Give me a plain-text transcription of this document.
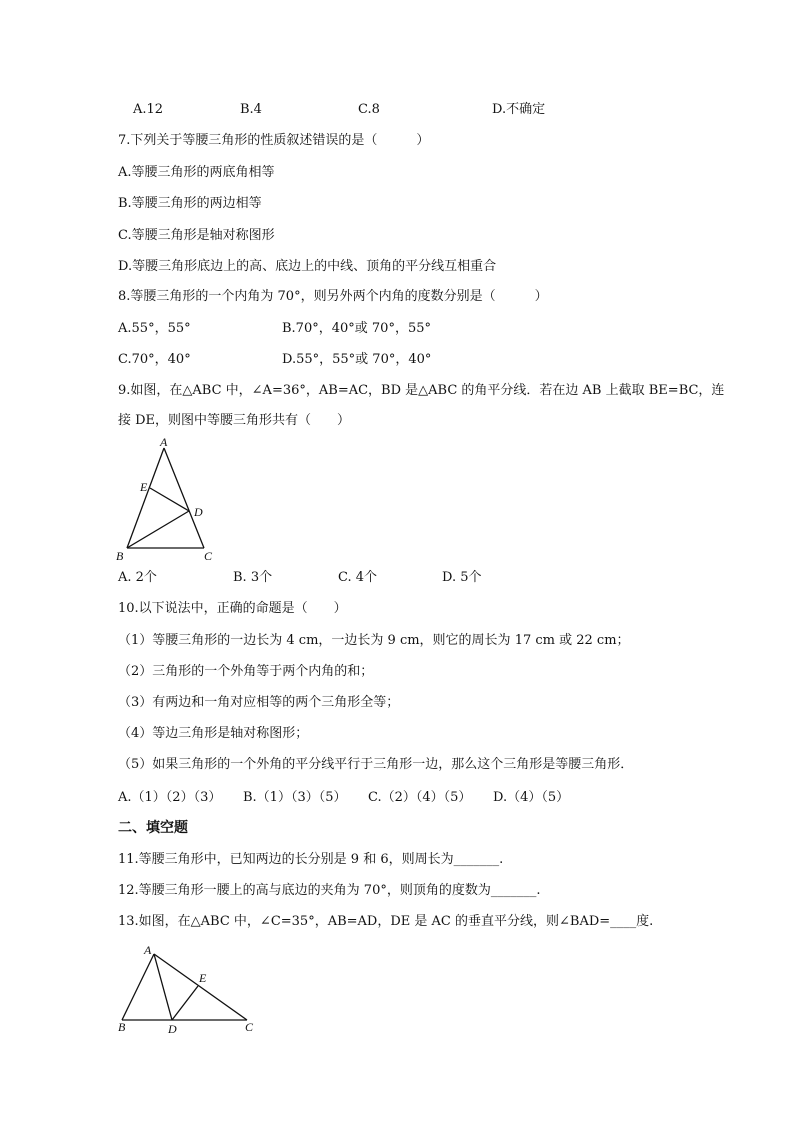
A.12	B.4	C.8	D.不确定
7.下列关于等腰三角形的性质叙述错误的是（　　　）
A.等腰三角形的两底角相等
B.等腰三角形的两边相等
C.等腰三角形是轴对称图形
D.等腰三角形底边上的高、底边上的中线、顶角的平分线互相重合
8.等腰三角形的一个内角为 70°，则另外两个内角的度数分别是（　　　）
A.55°，55°	B.70°，40°或 70°，55°
C.70°，40°	D.55°，55°或 70°，40°
9.如图，在△ABC 中，∠A=36°，AB=AC，BD 是△ABC 的角平分线．若在边 AB 上截取 BE=BC，连
接 DE，则图中等腰三角形共有（　　）
A
E
D
B	C
A. 2个	B. 3个	C. 4个	D. 5个
10.以下说法中，正确的命题是（　　）
（1）等腰三角形的一边长为 4 cm，一边长为 9 cm，则它的周长为 17 cm 或 22 cm；
（2）三角形的一个外角等于两个内角的和；
（3）有两边和一角对应相等的两个三角形全等；
（4）等边三角形是轴对称图形；
（5）如果三角形的一个外角的平分线平行于三角形一边，那么这个三角形是等腰三角形．
A.（1）（2）（3） B.（1）（3）（5） C.（2）（4）（5） D.（4）（5）
二、填空题
11.等腰三角形中，已知两边的长分别是 9 和 6，则周长为_______.
12.等腰三角形一腰上的高与底边的夹角为 70°，则顶角的度数为_______.
13.如图，在△ABC 中，∠C=35°，AB=AD，DE 是 AC 的垂直平分线，则∠BAD=____度.
A
E
B	D	C
